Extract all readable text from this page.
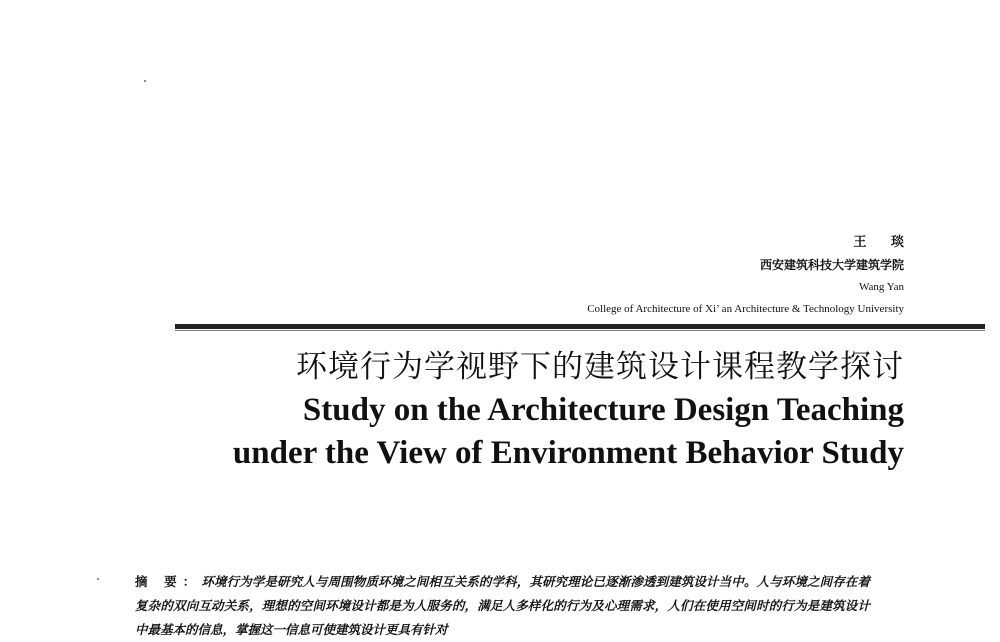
王 琰
西安建筑科技大学建筑学院
Wang Yan
College of Architecture of Xi’ an Architecture & Technology University
环境行为学视野下的建筑设计课程教学探讨
Study on the Architecture Design Teaching
under the View of Environment Behavior Study
摘 要：环境行为学是研究人与周围物质环境之间相互关系的学科，其研究理论已逐渐渗透到建筑设计当中。人与环境之间存在着复杂的双向互动关系，理想的空间环境设计都是为人服务的，满足人多样化的行为及心理需求，人们在使用空间时的行为是建筑设计中最基本的信息，掌握这一信息可使建筑设计更具有针对
